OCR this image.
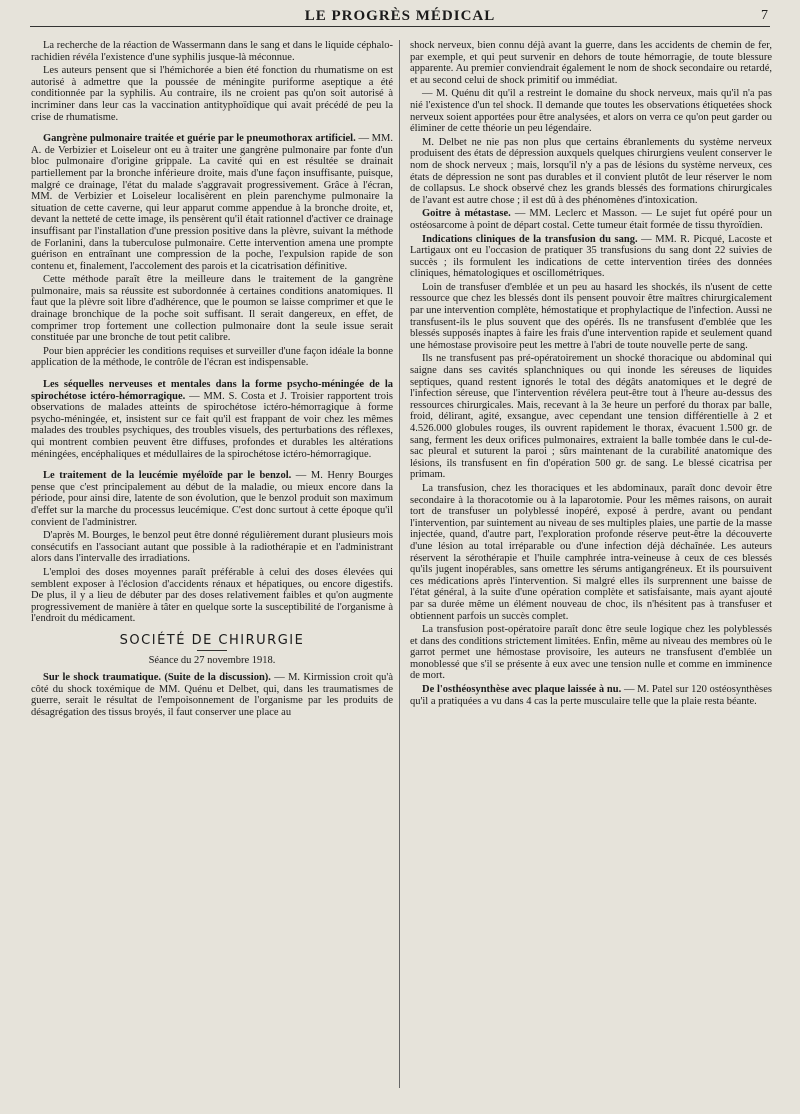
LE PROGRÈS MÉDICAL	7

La recherche de la réaction de Wassermann dans le sang et dans le liquide céphalo-rachidien révéla l'existence d'une syphilis jusque-là méconnue.

Les auteurs pensent que si l'hémichorée a bien été fonction du rhumatisme on est autorisé à admettre que la poussée de méningite puriforme aseptique a été conditionnée par la syphilis. Au contraire, ils ne croient pas qu'on soit autorisé à incriminer dans leur cas la vaccination antityphoïdique qui avait précédé de peu la crise de rhumatisme.

Gangrène pulmonaire traitée et guérie par le pneumothorax artificiel. — MM. A. de Verbizier et Loiseleur ont eu à traiter une gangrène pulmonaire par fonte d'un bloc pulmonaire d'origine grippale. La cavité qui en est résultée se drainait partiellement par la bronche inférieure droite, mais d'une façon insuffisante, puisque, malgré ce drainage, l'état du malade s'aggravait progressivement. Grâce à l'écran, MM. de Verbizier et Loiseleur localisèrent en plein parenchyme pulmonaire la situation de cette caverne, qui leur apparut comme appendue à la bronche droite, et, devant la netteté de cette image, ils pensèrent qu'il était rationnel d'activer ce drainage insuffisant par l'installation d'une pression positive dans la plèvre, suivant la méthode de Forlanini, dans la tuberculose pulmonaire. Cette intervention amena une prompte guérison en entraînant une compression de la poche, l'expulsion rapide de son contenu et, finalement, l'accolement des parois et la cicatrisation définitive.

Cette méthode paraît être la meilleure dans le traitement de la gangrène pulmonaire, mais sa réussite est subordonnée à certaines conditions anatomiques. Il faut que la plèvre soit libre d'adhérence, que le poumon se laisse comprimer et que le drainage bronchique de la poche soit suffisant. Il serait dangereux, en effet, de comprimer trop fortement une collection pulmonaire dont la seule issue serait constituée par une bronche de tout petit calibre.

Pour bien apprécier les conditions requises et surveiller d'une façon idéale la bonne application de la méthode, le contrôle de l'écran est indispensable.

Les séquelles nerveuses et mentales dans la forme psycho-méningée de la spirochétose ictéro-hémorragique. — MM. S. Costa et J. Troisier rapportent trois observations de malades atteints de spirochétose ictéro-hémorragique à forme psycho-méningée, et, insistent sur ce fait qu'il est frappant de voir chez les mêmes malades des troubles psychiques, des troubles visuels, des perturbations des réflexes, qui montrent combien peuvent être diffuses, profondes et durables les altérations méningées, encéphaliques et médullaires de la spirochétose ictéro-hémorragique.

Le traitement de la leucémie myéloïde par le benzol. — M. Henry Bourges pense que c'est principalement au début de la maladie, ou mieux encore dans la période, pour ainsi dire, latente de son évolution, que le benzol produit son maximum d'effet sur la marche du processus leucémique. C'est donc surtout à cette époque qu'il convient de l'administrer.

D'après M. Bourges, le benzol peut être donné régulièrement durant plusieurs mois consécutifs en l'associant autant que possible à la radiothérapie et en l'administrant alors dans l'intervalle des irradiations.

L'emploi des doses moyennes paraît préférable à celui des doses élevées qui semblent exposer à l'éclosion d'accidents rénaux et hépatiques, ou encore digestifs. De plus, il y a lieu de débuter par des doses relativement faibles et qu'on augmente progressivement de manière à tâter en quelque sorte la susceptibilité de l'organisme à l'endroit du médicament.

SOCIÉTÉ DE CHIRURGIE
Séance du 27 novembre 1918.

Sur le shock traumatique. (Suite de la discussion). — M. Kirmission croit qu'à côté du shock toxémique de MM. Quénu et Delbet, qui, dans les traumatismes de guerre, serait le résultat de l'empoisonnement de l'organisme par les produits de désagrégation des tissus broyés, il faut conserver une place au

shock nerveux, bien connu déjà avant la guerre, dans les accidents de chemin de fer, par exemple, et qui peut survenir en dehors de toute hémorragie, de toute blessure apparente. Au premier conviendrait également le nom de shock secondaire ou retardé, et au second celui de shock primitif ou immédiat.

— M. Quénu dit qu'il a restreint le domaine du shock nerveux, mais qu'il n'a pas nié l'existence d'un tel shock. Il demande que toutes les observations étiquetées shock nerveux soient apportées pour être analysées, et alors on verra ce qu'on peut garder ou éliminer de cette théorie un peu légendaire.

M. Delbet ne nie pas non plus que certains ébranlements du système nerveux produisent des états de dépression auxquels quelques chirurgiens veulent conserver le nom de shock nerveux ; mais, lorsqu'il n'y a pas de lésions du système nerveux, ces états de dépression ne sont pas durables et il convient plutôt de leur réserver le nom de collapsus. Le shock observé chez les grands blessés des formations chirurgicales de l'avant est autre chose ; il est dû à des phénomènes d'intoxication.

Goitre à métastase. — MM. Leclerc et Masson. — Le sujet fut opéré pour un ostéosarcome à point de départ costal. Cette tumeur était formée de tissu thyroïdien.

Indications cliniques de la transfusion du sang. — MM. R. Picqué, Lacoste et Lartigaux ont eu l'occasion de pratiquer 35 transfusions du sang dont 22 suivies de succès ; ils formulent les indications de cette intervention tirées des données cliniques, hématologiques et oscillométriques.

Loin de transfuser d'emblée et un peu au hasard les shockés, ils n'usent de cette ressource que chez les blessés dont ils pensent pouvoir être maîtres chirurgicalement par une intervention complète, hémostatique et prophylactique de l'infection. Aussi ne transfusent-ils le plus souvent que des opérés. Ils ne transfusent d'emblée que les blessés supposés inaptes à faire les frais d'une intervention rapide et seulement quand une hémostase provisoire peut les mettre à l'abri de toute nouvelle perte de sang.

Ils ne transfusent pas pré-opératoirement un shocké thoracique ou abdominal qui saigne dans ses cavités splanchniques ou qui inonde les séreuses de liquides septiques, quand restent ignorés le total des dégâts anatomiques et le degré de l'infection séreuse, que l'intervention révélera peut-être tout à l'heure au-dessus des ressources chirurgicales. Mais, recevant à la 3e heure un perforé du thorax par balle, froid, délirant, agité, exsangue, avec cependant une tension différentielle à 2 et 4.526.000 globules rouges, ils ouvrent rapidement le thorax, évacuent 1.500 gr. de sang, ferment les deux orifices pulmonaires, extraient la balle tombée dans le cul-de-sac pleural et suturent la paroi ; sûrs maintenant de la curabilité anatomique des lésions, ils transfusent en fin d'opération 500 gr. de sang. Le blessé cicatrisa per primam.

La transfusion, chez les thoraciques et les abdominaux, paraît donc devoir être secondaire à la thoracotomie ou à la laparotomie. Pour les mêmes raisons, on aurait tort de transfuser un polyblessé inopéré, exposé à perdre, avant ou pendant l'intervention, par suintement au niveau de ses multiples plaies, une partie de la masse injectée, quand, d'autre part, l'exploration profonde réserve peut-être la découverte d'une lésion au total irréparable ou d'une infection déjà déchaînée. Les auteurs réservent la sérothérapie et l'huile camphrée intra-veineuse à ceux de ces blessés qu'ils jugent inopérables, sans omettre les sérums antigangréneux. Et ils poursuivent ces médications après l'intervention. Si malgré elles ils surprennent une baisse de l'état général, à la suite d'une opération complète et satisfaisante, mais ayant ajouté par sa durée même un élément nouveau de choc, ils n'hésitent pas à transfuser et obtiennent parfois un succès complet.

La transfusion post-opératoire paraît donc être seule logique chez les polyblessés et dans des conditions strictement limitées. Enfin, même au niveau des membres où le garrot permet une hémostase provisoire, les auteurs ne transfusent d'emblée un monoblessé que s'il se présente à eux avec une tension nulle et comme en imminence de mort.

De l'osthéosynthèse avec plaque laissée à nu. — M. Patel sur 120 ostéosynthèses qu'il a pratiquées a vu dans 4 cas la perte musculaire telle que la plaie resta béante.
